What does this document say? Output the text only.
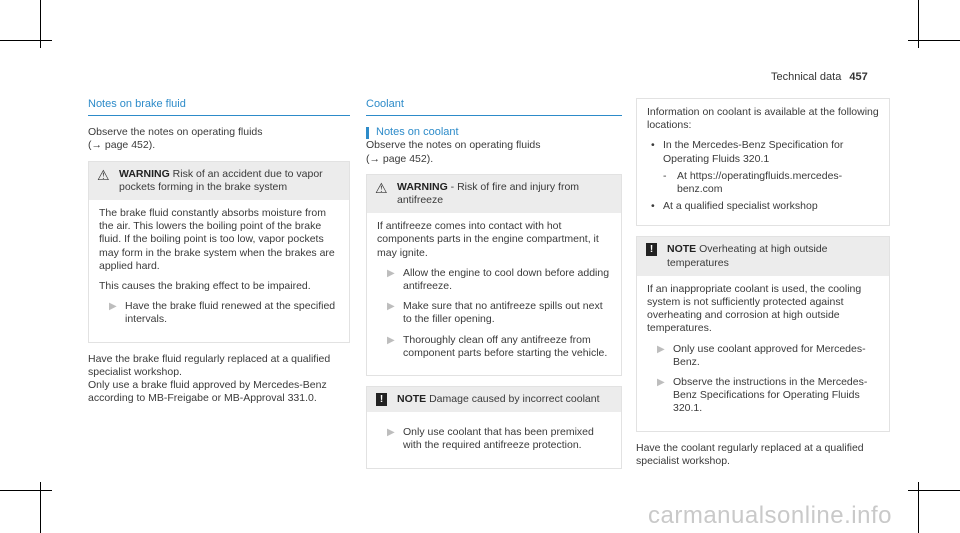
Technical data 457
Notes on brake fluid

Observe the notes on operating fluids
(→ page 452).

⚠ WARNING Risk of an accident due to vapor pockets forming in the brake system

The brake fluid constantly absorbs moisture from the air. This lowers the boiling point of the brake fluid. If the boiling point is too low, vapor pockets may form in the brake system when the brakes are applied hard.

This causes the braking effect to be impaired.

▶ Have the brake fluid renewed at the specified intervals.

Have the brake fluid regularly replaced at a qualified specialist workshop.
Only use a brake fluid approved by Mercedes-Benz according to MB-Freigabe or MB-Approval 331.0.

Coolant
Notes on coolant

Observe the notes on operating fluids
(→ page 452).

⚠ WARNING - Risk of fire and injury from antifreeze

If antifreeze comes into contact with hot components parts in the engine compartment, it may ignite.

▶ Allow the engine to cool down before adding antifreeze.
▶ Make sure that no antifreeze spills out next to the filler opening.
▶ Thoroughly clean off any antifreeze from component parts before starting the vehicle.
!	NOTE Damage caused by incorrect coolant
▶ Only use coolant that has been premixed with the required antifreeze protection.

Information on coolant is available at the following locations:

• In the Mercedes-Benz Specification for Operating Fluids 320.1
- At https://operatingfluids.mercedes-benz.com
• At a qualified specialist workshop
!	NOTE Overheating at high outside temperatures

If an inappropriate coolant is used, the cooling system is not sufficiently protected against overheating and corrosion at high outside temperatures.

▶ Only use coolant approved for Mercedes-Benz.
▶ Observe the instructions in the Mercedes-Benz Specifications for Operating Fluids 320.1.

Have the coolant regularly replaced at a qualified specialist workshop.

carmanualsonline.info
